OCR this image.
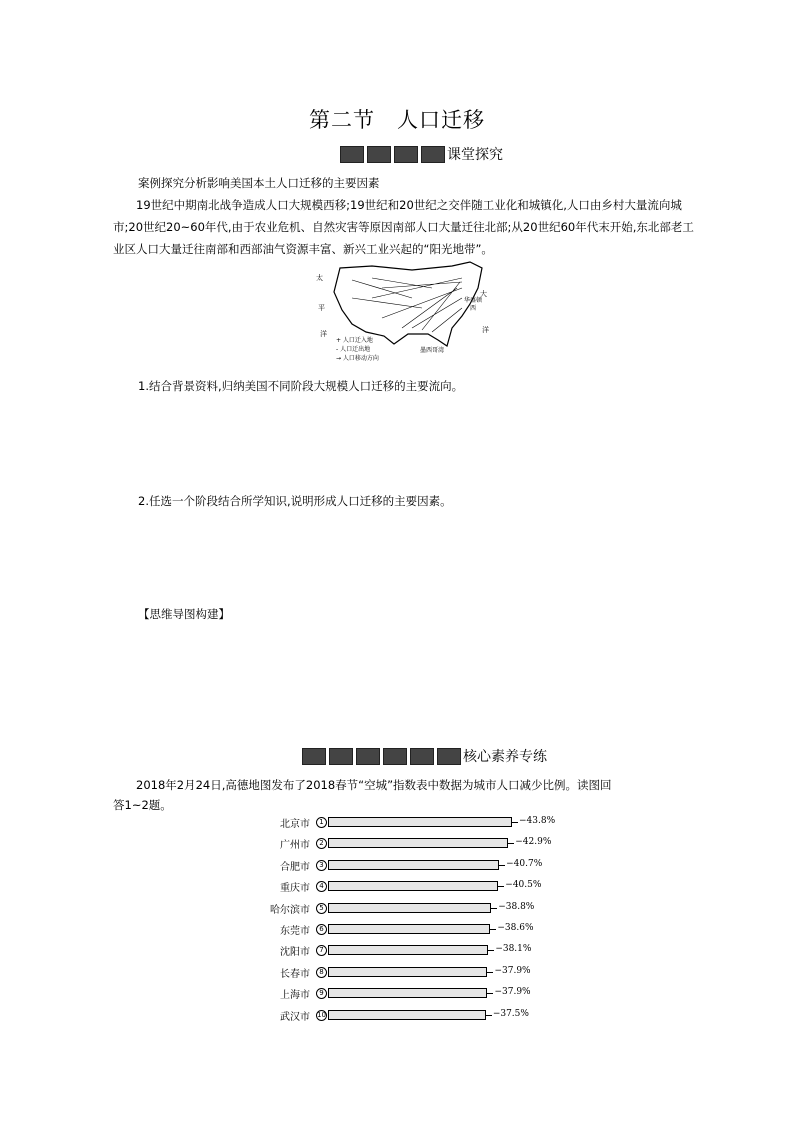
第二节　人口迁移
课堂探究
案例探究分析影响美国本土人口迁移的主要因素
19世纪中期南北战争造成人口大规模西移;19世纪和20世纪之交伴随工业化和城镇化,人口由乡村大量流向城市;20世纪20~60年代,由于农业危机、自然灾害等原因南部人口大量迁往北部;从20世纪60年代末开始,东北部老工业区人口大量迁往南部和西部油气资源丰富、新兴工业兴起的“阳光地带”。
太
平
洋
大
华盛顿
西
洋
墨西哥湾
+ 人口迁入地
- 人口迁出地
→ 人口移动方向
1.结合背景资料,归纳美国不同阶段大规模人口迁移的主要流向。
2.任选一个阶段结合所学知识,说明形成人口迁移的主要因素。
【思维导图构建】
核心素养专练
2018年2月24日,高德地图发布了2018春节“空城”指数表中数据为城市人口减少比例。读图回
答1~2题。
北京市	1	−43.8%
广州市	2	−42.9%
合肥市	3	−40.7%
重庆市	4	−40.5%
哈尔滨市	5	−38.8%
东莞市	6	−38.6%
沈阳市	7	−38.1%
长春市	8	−37.9%
上海市	9	−37.9%
武汉市 10	−37.5%
